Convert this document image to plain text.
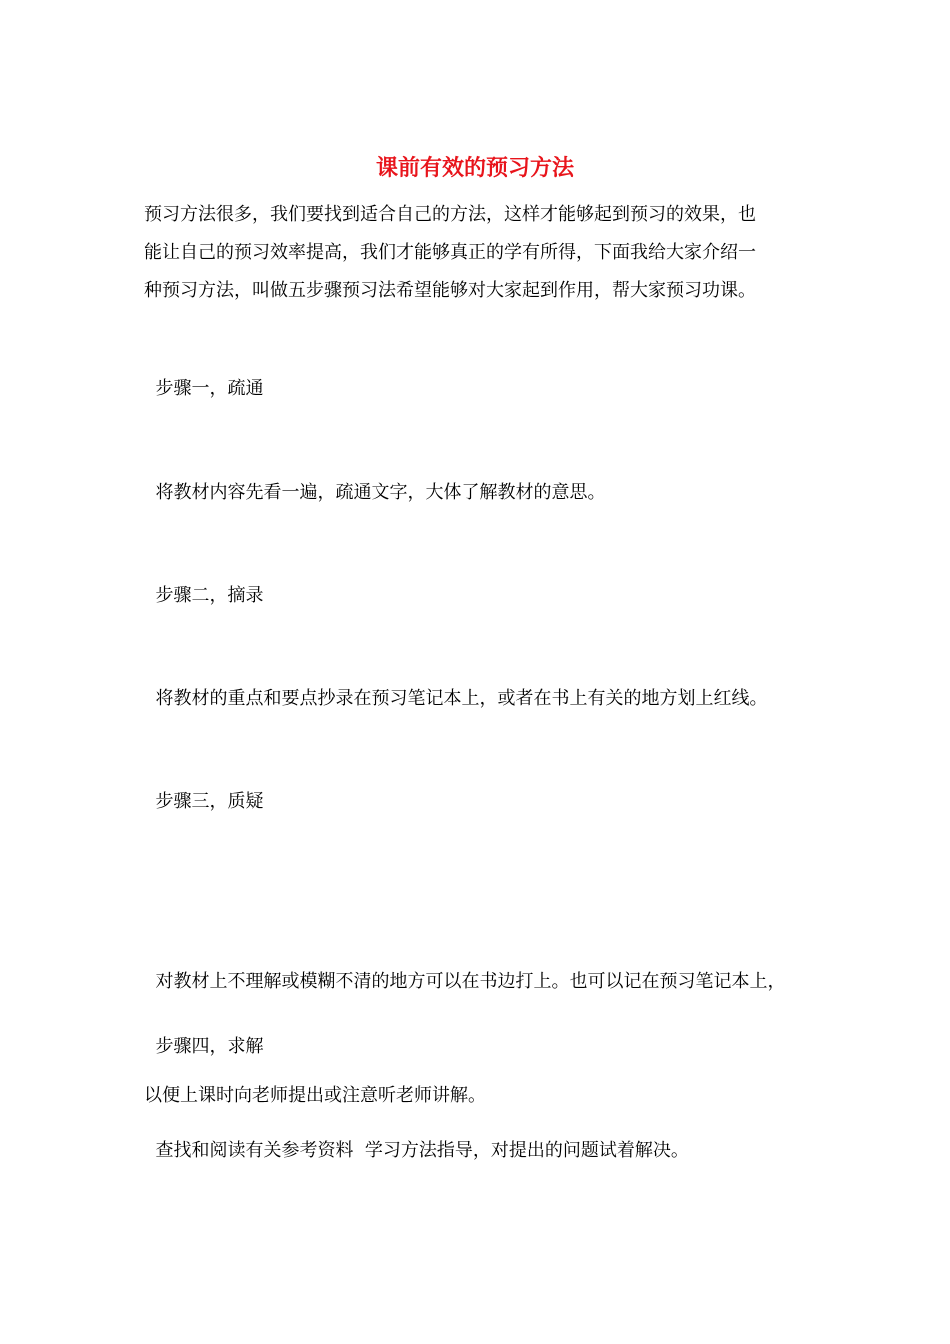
课前有效的预习方法

预习方法很多，我们要找到适合自己的方法，这样才能够起到预习的效果，也
能让自己的预习效率提高，我们才能够真正的学有所得，下面我给大家介绍一
种预习方法，叫做五步骤预习法希望能够对大家起到作用，帮大家预习功课。

步骤一，疏通

将教材内容先看一遍，疏通文字，大体了解教材的意思。

步骤二，摘录

将教材的重点和要点抄录在预习笔记本上，或者在书上有关的地方划上红线。

步骤三，质疑

对教材上不理解或模糊不清的地方可以在书边打上。也可以记在预习笔记本上，

以便上课时向老师提出或注意听老师讲解。

步骤四，求解

查找和阅读有关参考资料  学习方法指导，对提出的问题试着解决。
